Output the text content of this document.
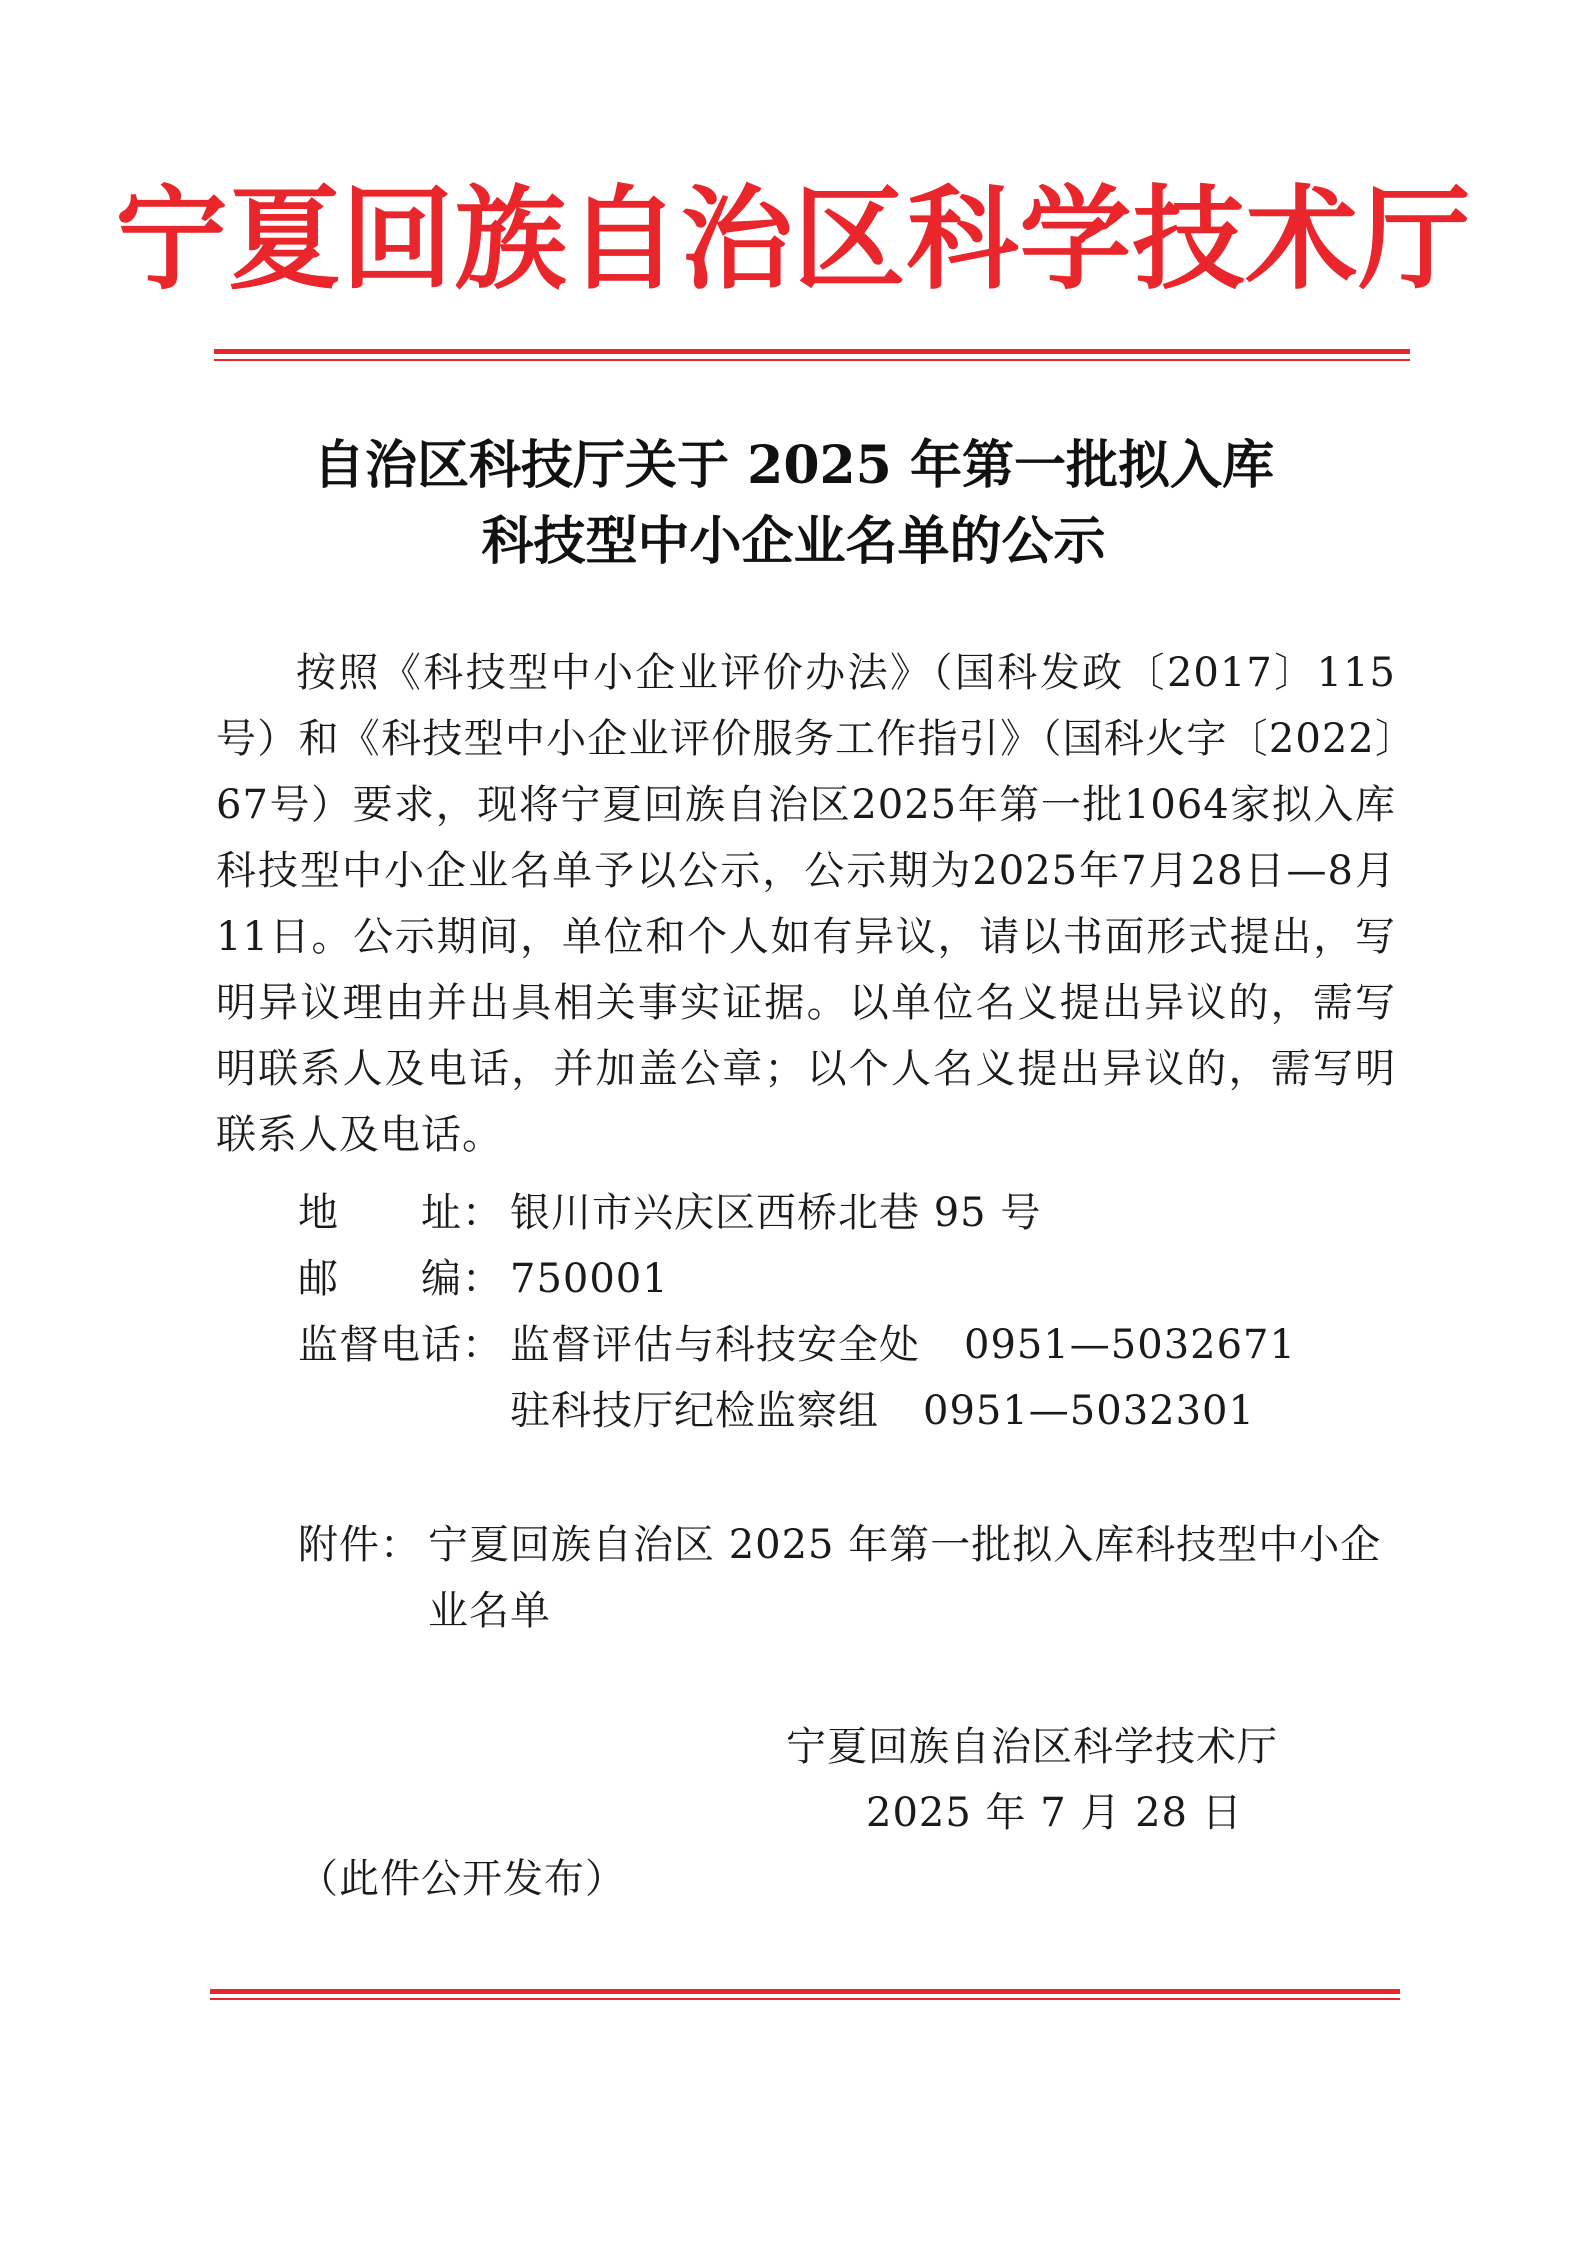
宁夏回族自治区科学技术厅
自治区科技厅关于 2025 年第一批拟入库
科技型中小企业名单的公示

按照《科技型中小企业评价办法》（国科发政〔2017〕115号）和《科技型中小企业评价服务工作指引》（国科火字〔2022〕67号）要求，现将宁夏回族自治区2025年第一批1064家拟入库科技型中小企业名单予以公示，公示期为2025年7月28日—8月11日。公示期间，单位和个人如有异议，请以书面形式提出，写明异议理由并出具相关事实证据。以单位名义提出异议的，需写明联系人及电话，并加盖公章；以个人名义提出异议的，需写明联系人及电话。

地　　址： 银川市兴庆区西桥北巷 95 号
邮　　编： 750001
监督电话： 监督评估与科技安全处 0951—5032671
驻科技厅纪检监察组 0951—5032301
附件： 宁夏回族自治区 2025 年第一批拟入库科技型中小企业名单
宁夏回族自治区科学技术厅
2025 年 7 月 28 日
（此件公开发布）
